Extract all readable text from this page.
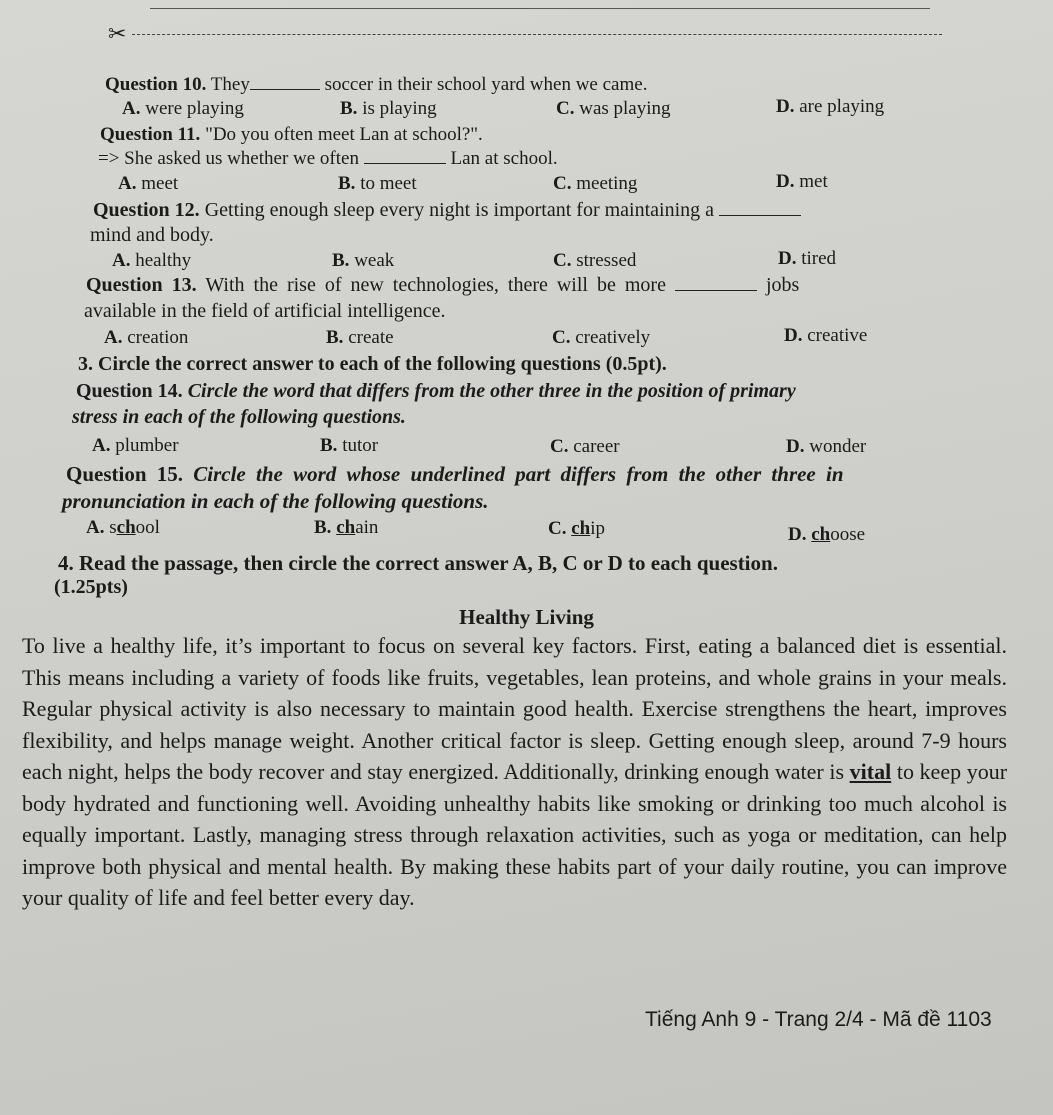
✂
Question 10. They	soccer in their school yard when we came.
A. were playing	B. is playing	C. was playing	D. are playing
Question 11. "Do you often meet Lan at school?".
=> She asked us whether we often	Lan at school.
A. meet	B. to meet	C. meeting	D. met
Question 12. Getting enough sleep every night is important for maintaining a
mind and body.
A. healthy	B. weak	C. stressed	D. tired
Question 13. With the rise of new technologies, there will be more	jobs
available in the field of artificial intelligence.
A. creation	B. create	C. creatively	D. creative
3. Circle the correct answer to each of the following questions (0.5pt).
Question 14. Circle the word that differs from the other three in the position of primary
stress in each of the following questions.
A. plumber	B. tutor	C. career	D. wonder
Question 15. Circle the word whose underlined part differs from the other three in
pronunciation in each of the following questions.
A. school	B. chain	C. chip	D. choose
4. Read the passage, then circle the correct answer A, B, C or D to each question.
(1.25pts)
Healthy Living
To live a healthy life, it’s important to focus on several key factors. First, eating a balanced diet is essential. This means including a variety of foods like fruits, vegetables, lean proteins, and whole grains in your meals. Regular physical activity is also necessary to maintain good health. Exercise strengthens the heart, improves flexibility, and helps manage weight. Another critical factor is sleep. Getting enough sleep, around 7-9 hours each night, helps the body recover and stay energized. Additionally, drinking enough water is vital to keep your body hydrated and functioning well. Avoiding unhealthy habits like smoking or drinking too much alcohol is equally important. Lastly, managing stress through relaxation activities, such as yoga or meditation, can help improve both physical and mental health. By making these habits part of your daily routine, you can improve your quality of life and feel better every day.
Tiếng Anh 9 - Trang 2/4 - Mã đề 1103
